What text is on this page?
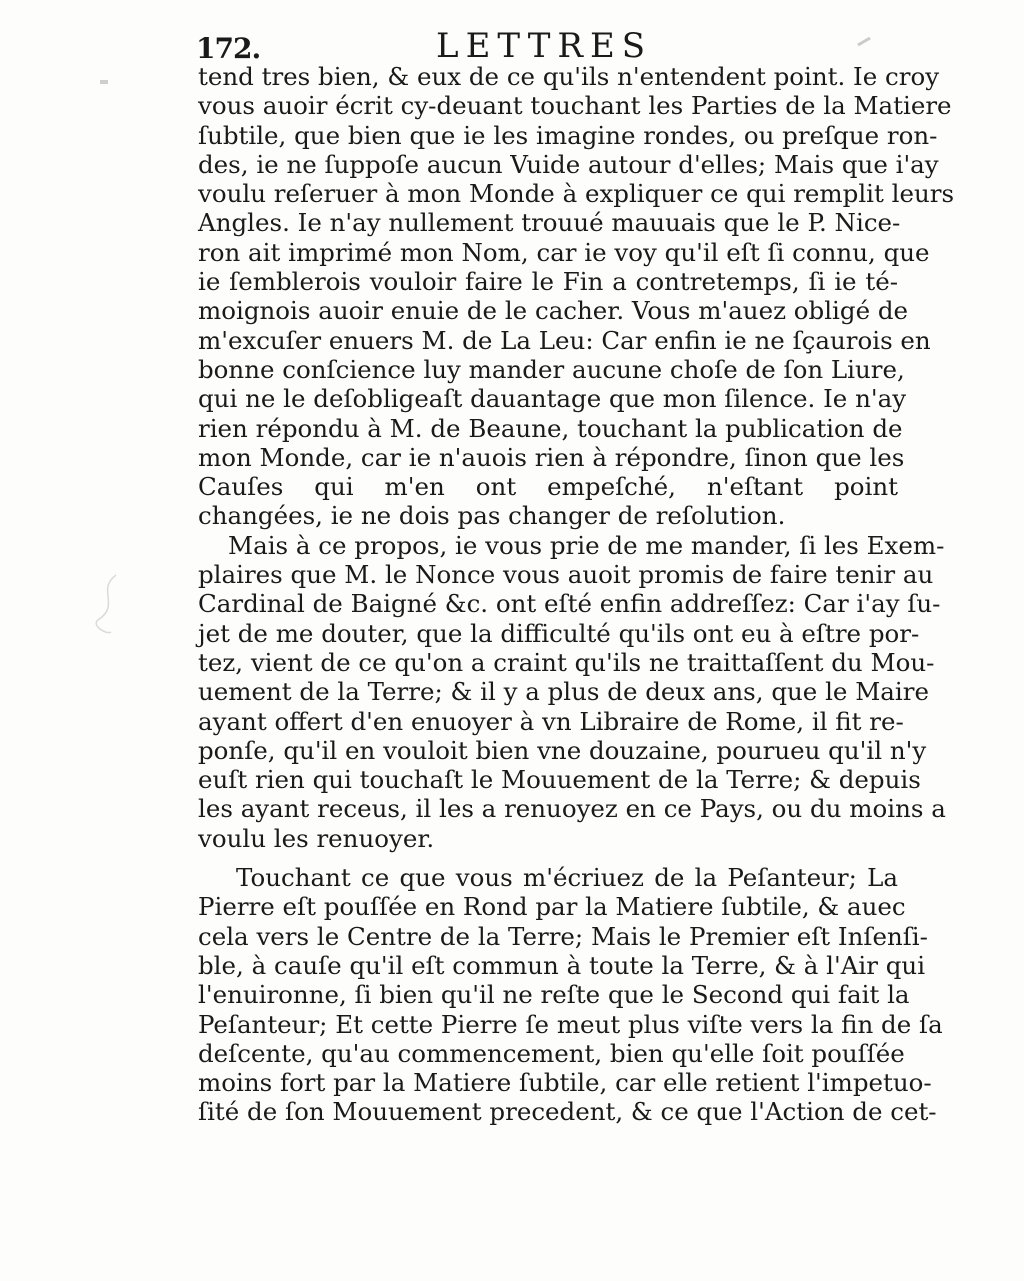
172.	LETTRES
tend tres bien, & eux de ce qu'ils n'entendent point. Ie croy
vous auoir écrit cy-deuant touchant les Parties de la Matiere
ſubtile, que bien que ie les imagine rondes, ou preſque ron-
des, ie ne ſuppoſe aucun Vuide autour d'elles; Mais que i'ay
voulu reſeruer à mon Monde à expliquer ce qui remplit leurs
Angles. Ie n'ay nullement trouué mauuais que le P. Nice-
ron ait imprimé mon Nom, car ie voy qu'il eſt ſi connu, que
ie ſemblerois vouloir faire le Fin a contretemps, ſi ie té-
moignois auoir enuie de le cacher. Vous m'auez obligé de
m'excuſer enuers M. de La Leu: Car enfin ie ne ſçaurois en
bonne conſcience luy mander aucune choſe de ſon Liure,
qui ne le deſobligeaſt dauantage que mon ſilence. Ie n'ay
rien répondu à M. de Beaune, touchant la publication de
mon Monde, car ie n'auois rien à répondre, ſinon que les
Cauſes qui m'en ont empeſché, n'eſtant point
changées, ie ne dois pas changer de reſolution.
Mais à ce propos, ie vous prie de me mander, ſi les Exem-
plaires que M. le Nonce vous auoit promis de faire tenir au
Cardinal de Baigné &c. ont eſté enfin addreſſez: Car i'ay ſu-
jet de me douter, que la difficulté qu'ils ont eu à eſtre por-
tez, vient de ce qu'on a craint qu'ils ne traittaſſent du Mou-
uement de la Terre; & il y a plus de deux ans, que le Maire
ayant offert d'en enuoyer à vn Libraire de Rome, il fit re-
ponſe, qu'il en vouloit bien vne douzaine, pourueu qu'il n'y
euſt rien qui touchaſt le Mouuement de la Terre; & depuis
les ayant receus, il les a renuoyez en ce Pays, ou du moins a
voulu les renuoyer.
Touchant ce que vous m'écriuez de la Peſanteur; La
Pierre eſt pouſſée en Rond par la Matiere ſubtile, & auec
cela vers le Centre de la Terre; Mais le Premier eſt Inſenſi-
ble, à cauſe qu'il eſt commun à toute la Terre, & à l'Air qui
l'enuironne, ſi bien qu'il ne reſte que le Second qui fait la
Peſanteur; Et cette Pierre ſe meut plus viſte vers la fin de ſa
deſcente, qu'au commencement, bien qu'elle ſoit pouſſée
moins fort par la Matiere ſubtile, car elle retient l'impetuo-
ſité de ſon Mouuement precedent, & ce que l'Action de cet-
